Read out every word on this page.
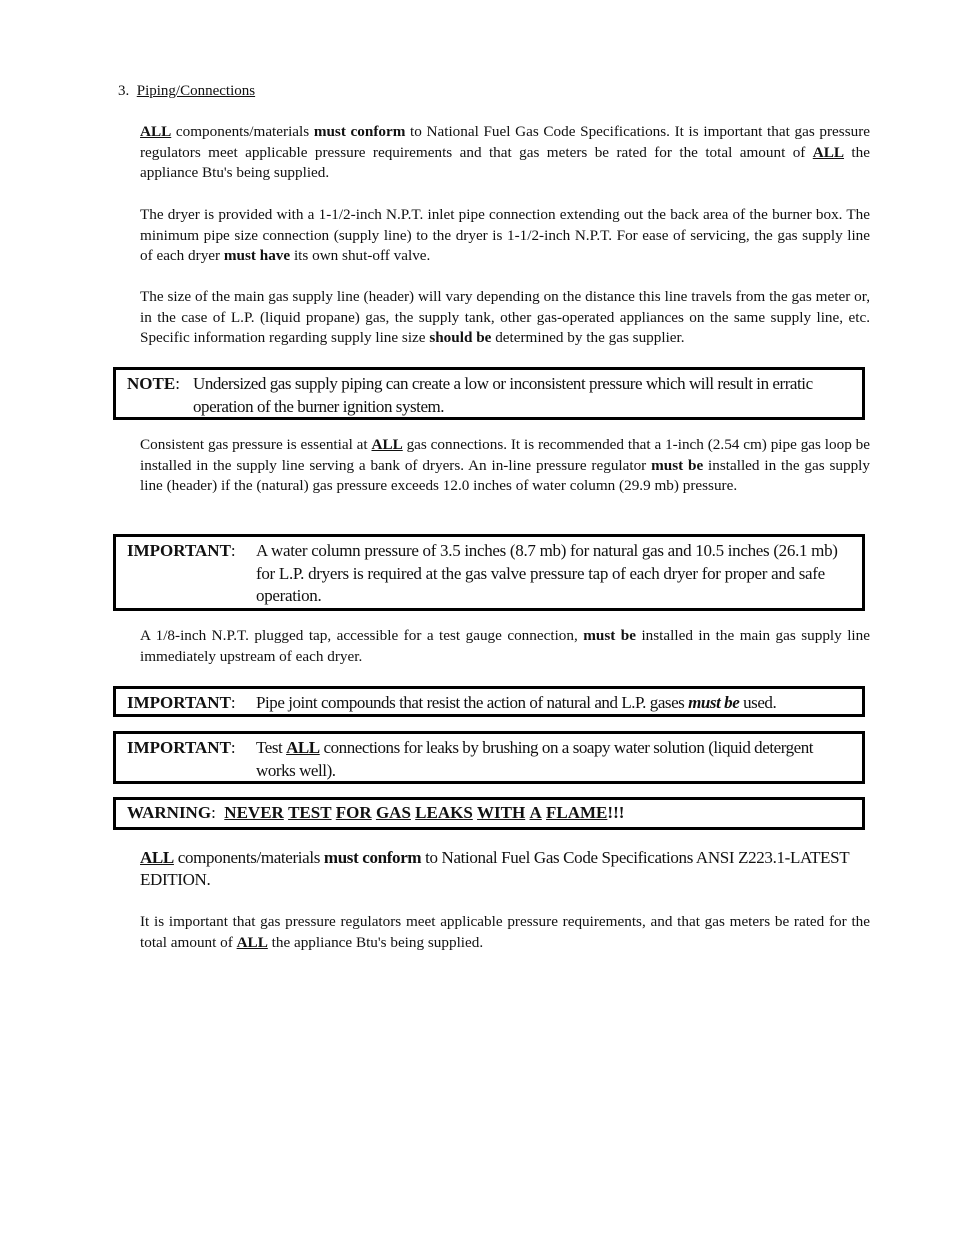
3. Piping/Connections
ALL components/materials must conform to National Fuel Gas Code Specifications. It is important that gas pressure regulators meet applicable pressure requirements and that gas meters be rated for the total amount of ALL the appliance Btu's being supplied.
The dryer is provided with a 1-1/2-inch N.P.T. inlet pipe connection extending out the back area of the burner box. The minimum pipe size connection (supply line) to the dryer is 1-1/2-inch N.P.T. For ease of servicing, the gas supply line of each dryer must have its own shut-off valve.
The size of the main gas supply line (header) will vary depending on the distance this line travels from the gas meter or, in the case of L.P. (liquid propane) gas, the supply tank, other gas-operated appliances on the same supply line, etc. Specific information regarding supply line size should be determined by the gas supplier.
NOTE: Undersized gas supply piping can create a low or inconsistent pressure which will result in erratic operation of the burner ignition system.
Consistent gas pressure is essential at ALL gas connections. It is recommended that a 1-inch (2.54 cm) pipe gas loop be installed in the supply line serving a bank of dryers. An in-line pressure regulator must be installed in the gas supply line (header) if the (natural) gas pressure exceeds 12.0 inches of water column (29.9 mb) pressure.
IMPORTANT: A water column pressure of 3.5 inches (8.7 mb) for natural gas and 10.5 inches (26.1 mb) for L.P. dryers is required at the gas valve pressure tap of each dryer for proper and safe operation.
A 1/8-inch N.P.T. plugged tap, accessible for a test gauge connection, must be installed in the main gas supply line immediately upstream of each dryer.
IMPORTANT: Pipe joint compounds that resist the action of natural and L.P. gases must be used.
IMPORTANT: Test ALL connections for leaks by brushing on a soapy water solution (liquid detergent works well).
WARNING: NEVER TEST FOR GAS LEAKS WITH A FLAME!!!
ALL components/materials must conform to National Fuel Gas Code Specifications ANSI Z223.1-LATEST EDITION.
It is important that gas pressure regulators meet applicable pressure requirements, and that gas meters be rated for the total amount of ALL the appliance Btu's being supplied.
